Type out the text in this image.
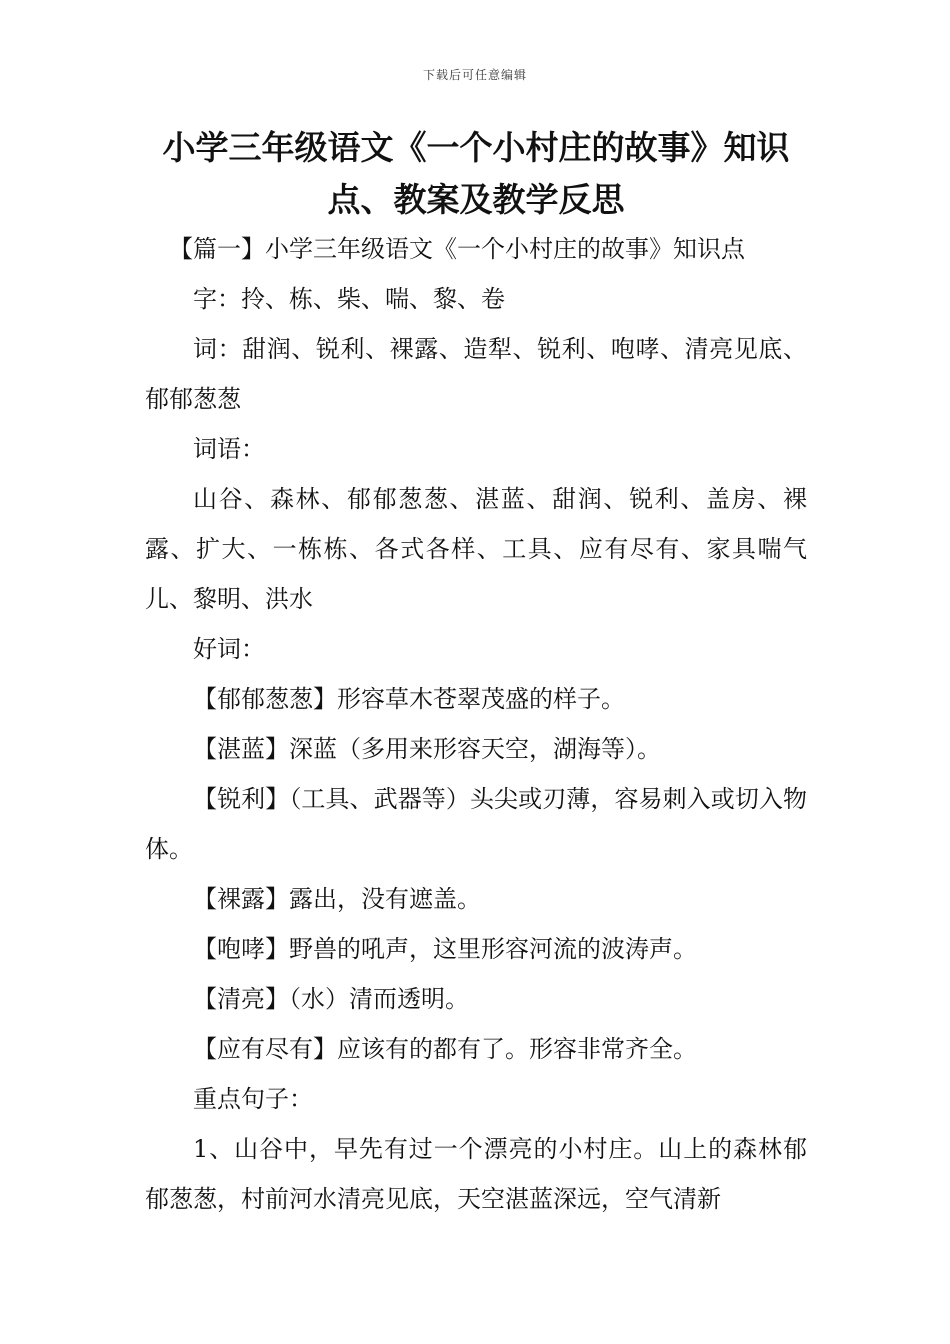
下载后可任意编辑
小学三年级语文《一个小村庄的故事》知识点、教案及教学反思

【篇一】小学三年级语文《一个小村庄的故事》知识点

字：拎、栋、柴、喘、黎、卷

词：甜润、锐利、裸露、造犁、锐利、咆哮、清亮见底、郁郁葱葱

词语：

山谷、森林、郁郁葱葱、湛蓝、甜润、锐利、盖房、裸露、扩大、一栋栋、各式各样、工具、应有尽有、家具喘气儿、黎明、洪水

好词：

【郁郁葱葱】形容草木苍翠茂盛的样子。

【湛蓝】深蓝（多用来形容天空，湖海等）。

【锐利】（工具、武器等）头尖或刃薄，容易刺入或切入物体。

【裸露】露出，没有遮盖。

【咆哮】野兽的吼声，这里形容河流的波涛声。

【清亮】（水）清而透明。

【应有尽有】应该有的都有了。形容非常齐全。

重点句子：

1、山谷中，早先有过一个漂亮的小村庄。山上的森林郁郁葱葱，村前河水清亮见底，天空湛蓝深远，空气清新
